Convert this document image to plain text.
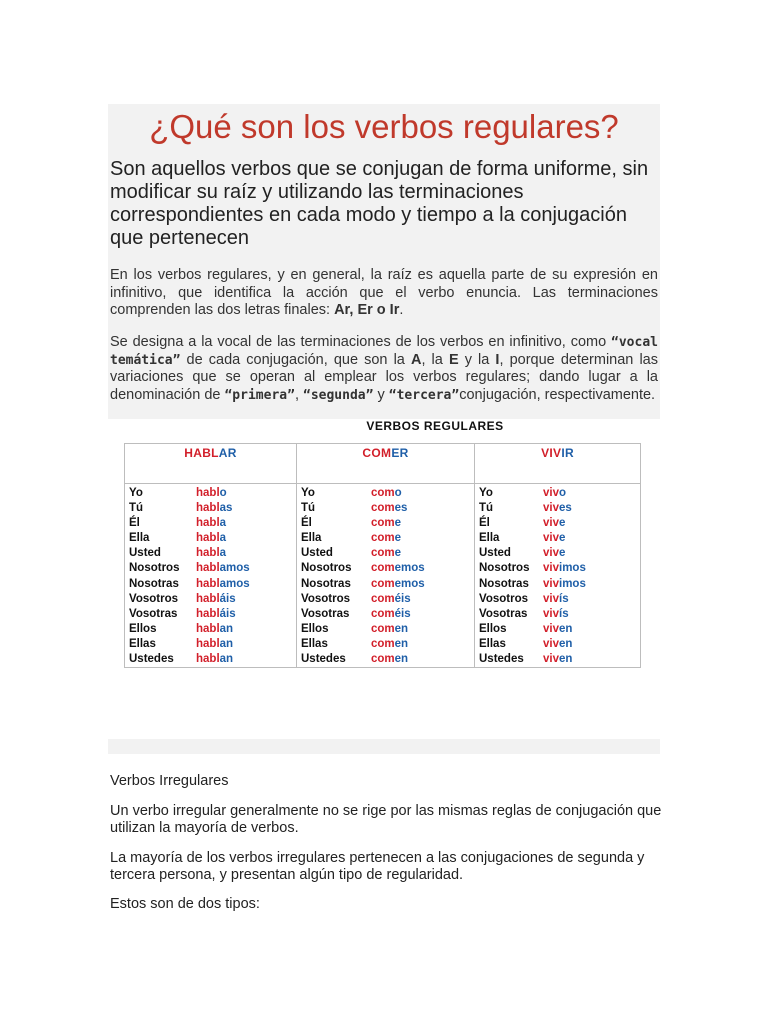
¿Qué son los verbos regulares?

Son aquellos verbos que se conjugan de forma uniforme, sin modificar su raíz y utilizando las terminaciones correspondientes en cada modo y tiempo a la conjugación que pertenecen

En los verbos regulares, y en general, la raíz es aquella parte de su expresión en infinitivo, que identifica la acción que el verbo enuncia. Las terminaciones comprenden las dos letras finales: Ar, Er o Ir.

Se designa a la vocal de las terminaciones de los verbos en infinitivo, como “vocal temática” de cada conjugación, que son la A, la E y la I, porque determinan las variaciones que se operan al emplear los verbos regulares; dando lugar a la denominación de “primera”, “segunda” y “tercera”conjugación, respectivamente.

VERBOS REGULARES
HABLAR
Yo	hablo
Tú	hablas
Él	habla
Ella	habla
Usted	habla
Nosotros hablamos
Nosotras hablamos
Vosotros habláis
Vosotras habláis
Ellos	hablan
Ellas	hablan
Ustedes hablan
COMER
Yo	como
Tú	comes
Él	come
Ella	come
Usted	come
Nosotros comemos
Nosotras comemos
Vosotros coméis
Vosotras coméis
Ellos	comen
Ellas	comen
Ustedes comen
VIVIR
Yo	vivo
Tú	vives
Él	vive
Ella	vive
Usted	vive
Nosotros vivimos
Nosotras vivimos
Vosotros vivís
Vosotras vivís
Ellos	viven
Ellas	viven
Ustedes viven

Verbos Irregulares

Un verbo irregular generalmente no se rige por las mismas reglas de conjugación que utilizan la mayoría de verbos.

La mayoría de los verbos irregulares pertenecen a las conjugaciones de segunda y tercera persona, y presentan algún tipo de regularidad.

Estos son de dos tipos:
